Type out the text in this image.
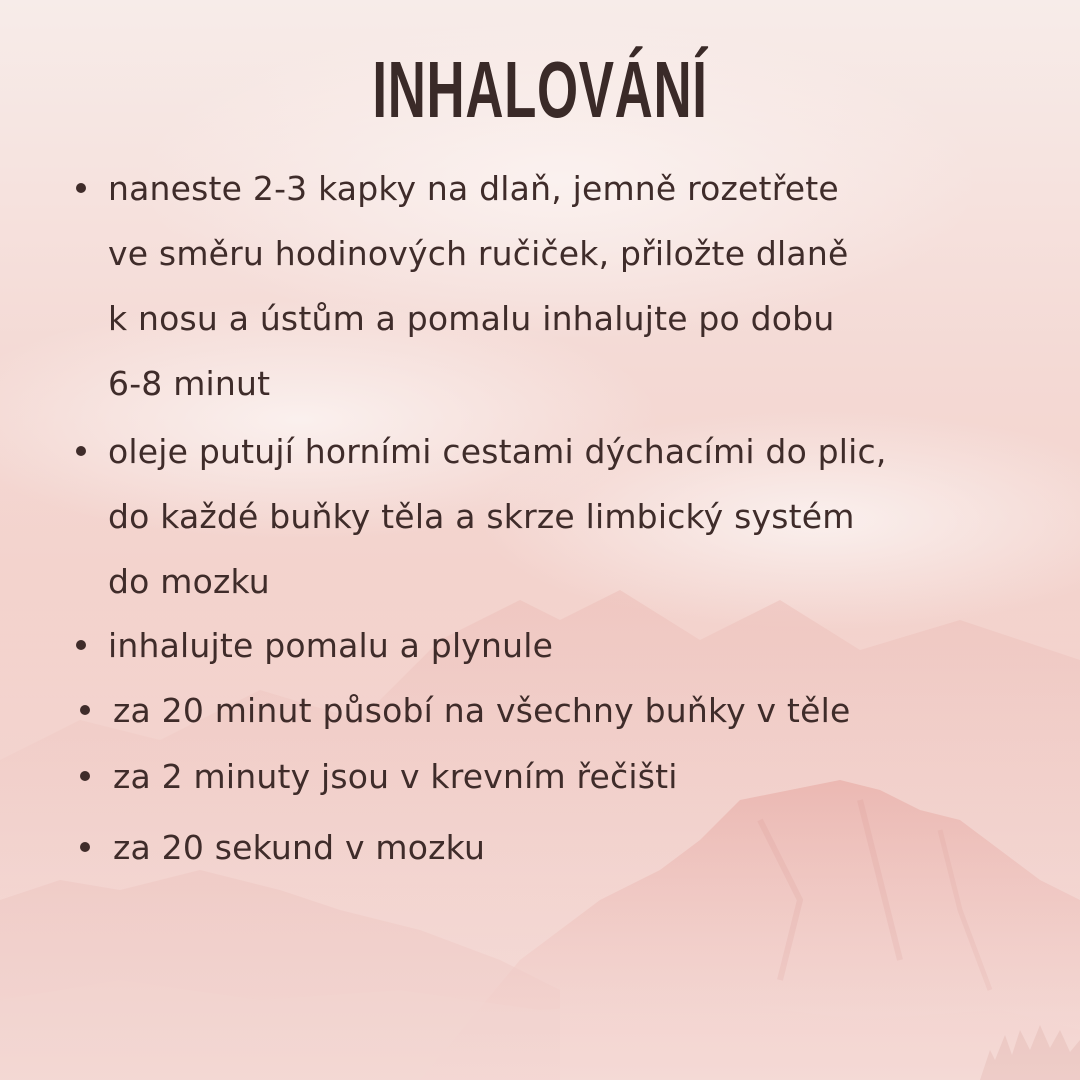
INHALOVÁNÍ
naneste 2-3 kapky na dlaň, jemně rozetřete
ve směru hodinových ručiček, přiložte dlaně
k nosu a ústům a pomalu inhalujte po dobu
6-8 minut
oleje putují horními cestami dýchacími do plic,
do každé buňky těla a skrze limbický systém
do mozku
inhalujte pomalu a plynule
za 20 minut působí na všechny buňky v těle
za 2 minuty jsou v krevním řečišti
za 20 sekund v mozku
